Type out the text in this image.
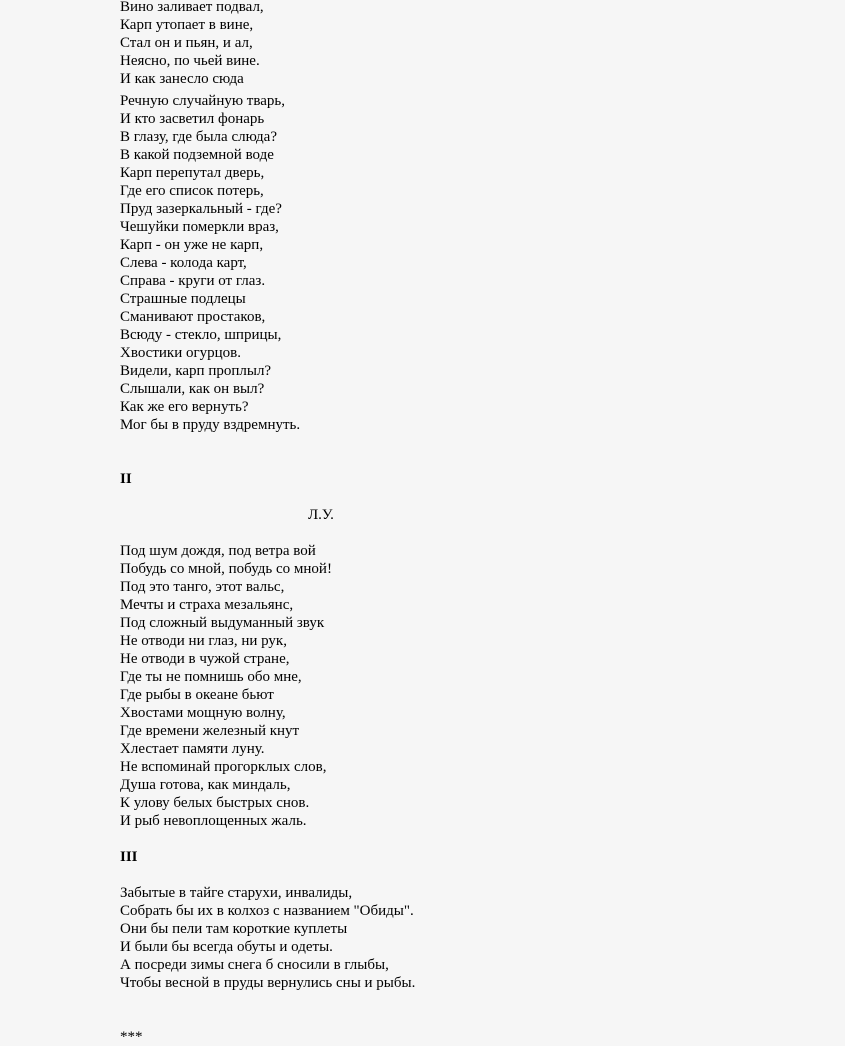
Вино заливает подвал,
Карп утопает в вине,
Стал он и пьян, и ал,
Неясно, по чьей вине.
И как занесло сюда
Речную случайную тварь,
И кто засветил фонарь
В глазу, где была слюда?
В какой подземной воде
Карп перепутал дверь,
Где его список потерь,
Пруд зазеркальный - где?
Чешуйки померкли враз,
Карп - он уже не карп,
Слева - колода карт,
Справа - круги от глаз.
Страшные подлецы
Сманивают простаков,
Всюду - стекло, шприцы,
Хвостики огурцов.
Видели, карп проплыл?
Слышали, как он выл?
Как же его вернуть?
Мог бы в пруду вздремнуть.
II
Л.У.
Под шум дождя, под ветра вой
Побудь со мной, побудь со мной!
Под это танго, этот вальс,
Мечты и страха мезальянс,
Под сложный выдуманный звук
Не отводи ни глаз, ни рук,
Не отводи в чужой стране,
Где ты не помнишь обо мне,
Где рыбы в океане бьют
Хвостами мощную волну,
Где времени железный кнут
Хлестает памяти луну.
Не вспоминай прогорклых слов,
Душа готова, как миндаль,
К улову белых быстрых снов.
И рыб невоплощенных жаль.
III
Забытые в тайге старухи, инвалиды,
Собрать бы их в колхоз с названием "Обиды".
Они бы пели там короткие куплеты
И были бы всегда обуты и одеты.
А посреди зимы снега б сносили в глыбы,
Чтобы весной в пруды вернулись сны и рыбы.
***
